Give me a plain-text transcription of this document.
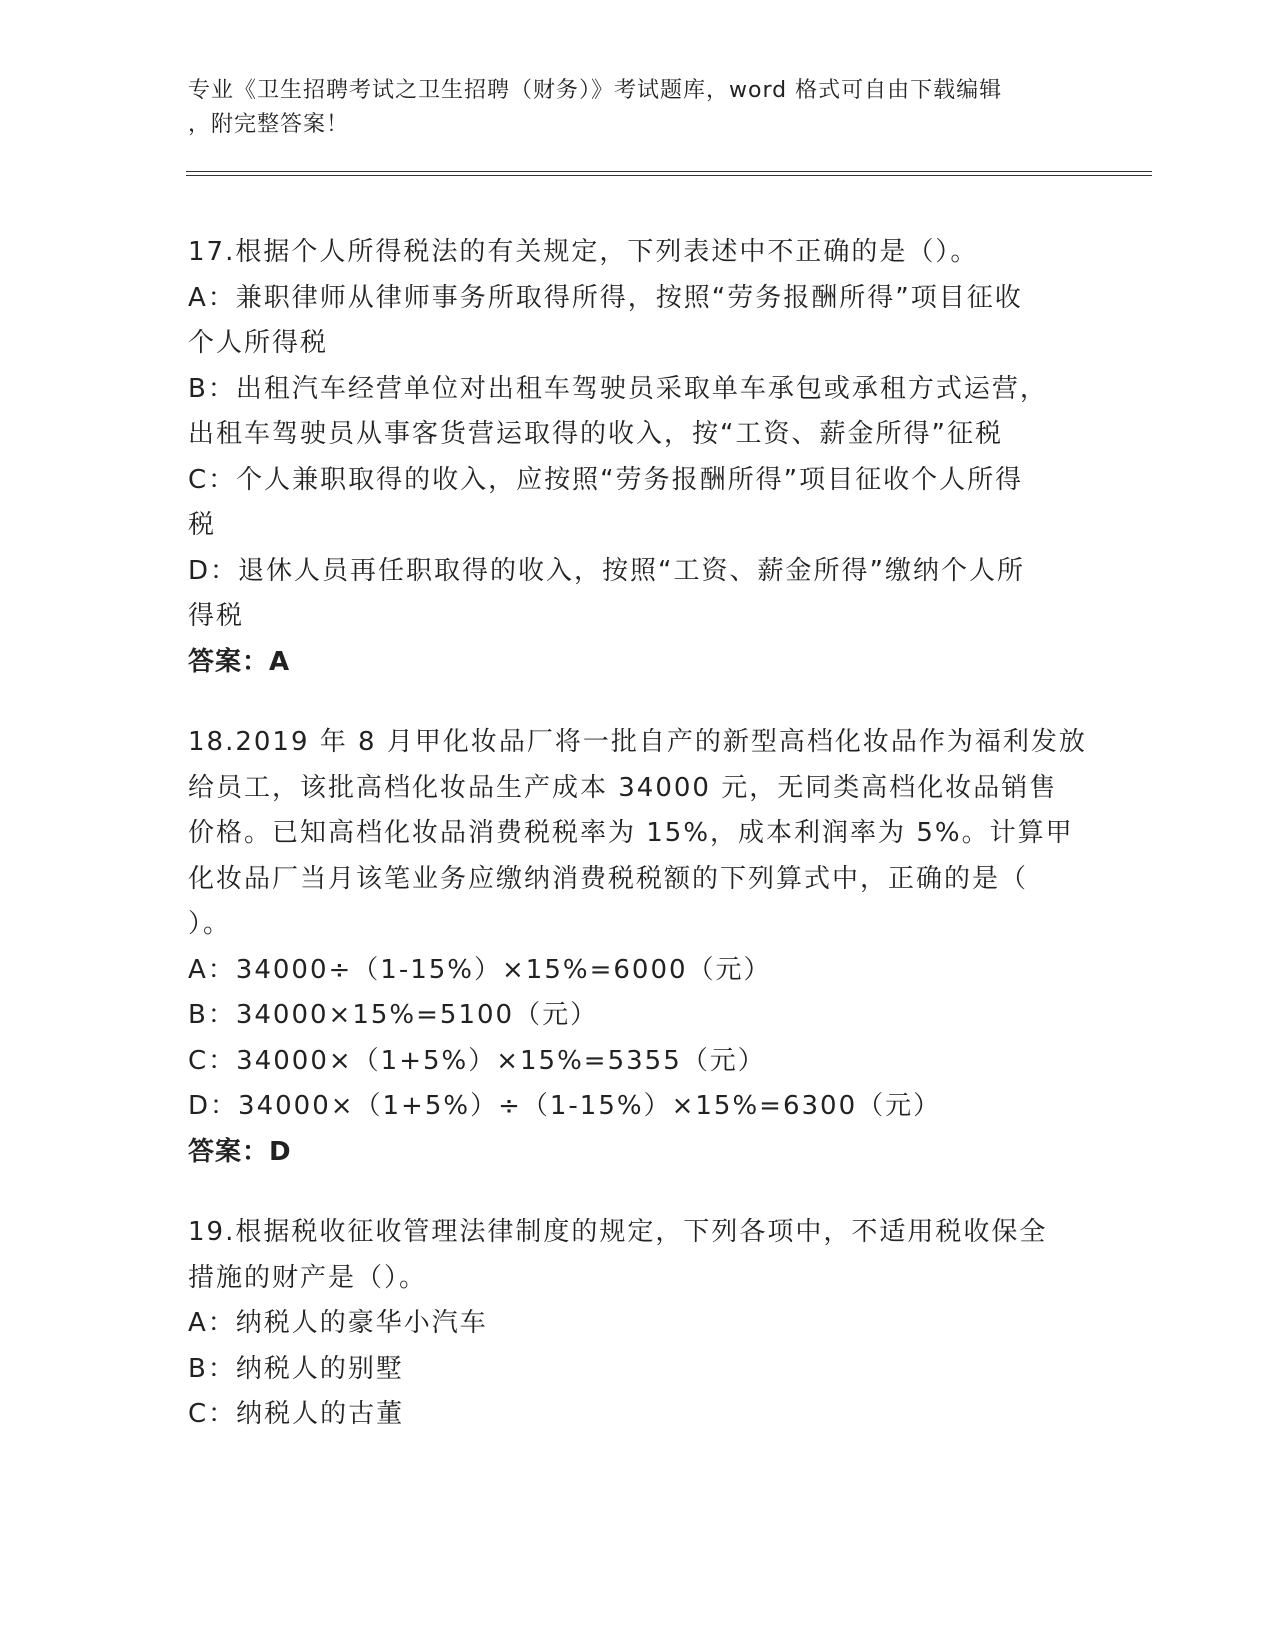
专业《卫生招聘考试之卫生招聘（财务）》考试题库，word 格式可自由下载编辑
，附完整答案！
17.根据个人所得税法的有关规定，下列表述中不正确的是（）。
A：兼职律师从律师事务所取得所得，按照“劳务报酬所得”项目征收
个人所得税
B：出租汽车经营单位对出租车驾驶员采取单车承包或承租方式运营，
出租车驾驶员从事客货营运取得的收入，按“工资、薪金所得”征税
C：个人兼职取得的收入，应按照“劳务报酬所得”项目征收个人所得
税
D：退休人员再任职取得的收入，按照“工资、薪金所得”缴纳个人所
得税
答案：A
18.2019 年 8 月甲化妆品厂将一批自产的新型高档化妆品作为福利发放
给员工，该批高档化妆品生产成本 34000 元，无同类高档化妆品销售
价格。已知高档化妆品消费税税率为 15%，成本利润率为 5%。计算甲
化妆品厂当月该笔业务应缴纳消费税税额的下列算式中，正确的是（
）。
A：34000÷（1-15%）×15%=6000（元）
B：34000×15%=5100（元）
C：34000×（1+5%）×15%=5355（元）
D：34000×（1+5%）÷（1-15%）×15%=6300（元）
答案：D
19.根据税收征收管理法律制度的规定，下列各项中，不适用税收保全
措施的财产是（）。
A：纳税人的豪华小汽车
B：纳税人的别墅
C：纳税人的古董
